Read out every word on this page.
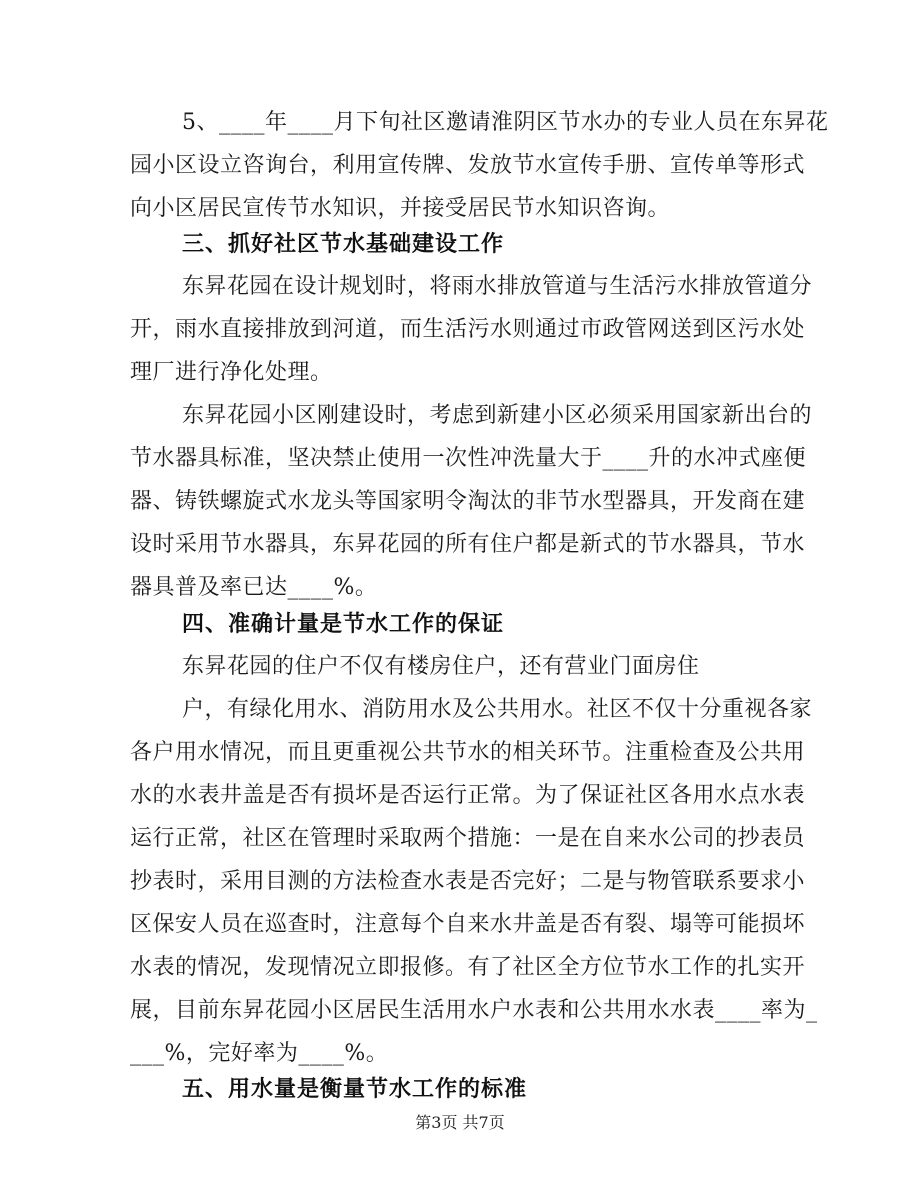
5、____年____月下旬社区邀请淮阴区节水办的专业人员在东昇花

园小区设立咨询台，利用宣传牌、发放节水宣传手册、宣传单等形式

向小区居民宣传节水知识，并接受居民节水知识咨询。

三、抓好社区节水基础建设工作

东昇花园在设计规划时，将雨水排放管道与生活污水排放管道分

开，雨水直接排放到河道，而生活污水则通过市政管网送到区污水处

理厂进行净化处理。

东昇花园小区刚建设时，考虑到新建小区必须采用国家新出台的

节水器具标准，坚决禁止使用一次性冲洗量大于____升的水冲式座便

器、铸铁螺旋式水龙头等国家明令淘汰的非节水型器具，开发商在建

设时采用节水器具，东昇花园的所有住户都是新式的节水器具，节水

器具普及率已达____%。

四、准确计量是节水工作的保证

东昇花园的住户不仅有楼房住户，还有营业门面房住

户，有绿化用水、消防用水及公共用水。社区不仅十分重视各家

各户用水情况，而且更重视公共节水的相关环节。注重检查及公共用

水的水表井盖是否有损坏是否运行正常。为了保证社区各用水点水表

运行正常，社区在管理时采取两个措施：一是在自来水公司的抄表员

抄表时，采用目测的方法检查水表是否完好；二是与物管联系要求小

区保安人员在巡查时，注意每个自来水井盖是否有裂、塌等可能损坏

水表的情况，发现情况立即报修。有了社区全方位节水工作的扎实开

展，目前东昇花园小区居民生活用水户水表和公共用水水表____率为_

___%，完好率为____%。

五、用水量是衡量节水工作的标准

第3页 共7页
